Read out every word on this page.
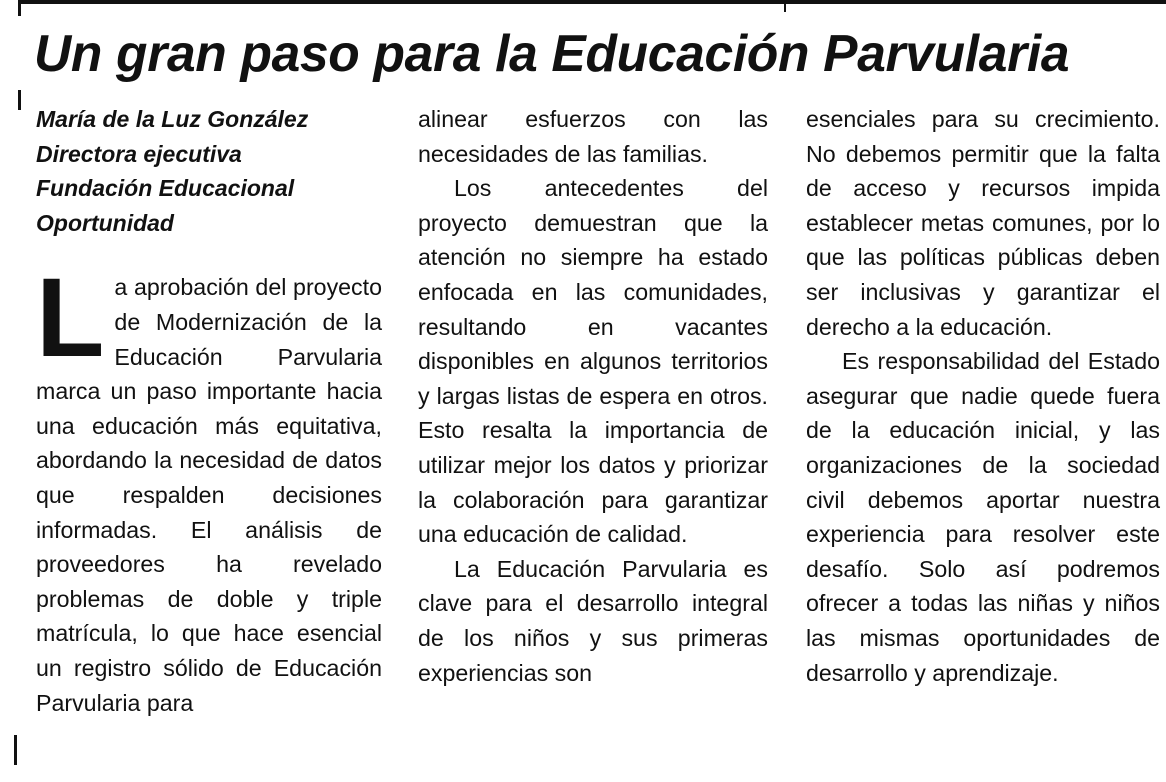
Un gran paso para la Educación Parvularia
María de la Luz González
Directora ejecutiva
Fundación Educacional
Oportunidad

La aprobación del proyecto de Modernización de la Educación Parvularia marca un paso importante hacia una educación más equitativa, abordando la necesidad de datos que respalden decisiones informadas. El análisis de proveedores ha revelado problemas de doble y triple matrícula, lo que hace esencial un registro sólido de Educación Parvularia para

alinear esfuerzos con las necesidades de las familias.

Los antecedentes del proyecto demuestran que la atención no siempre ha estado enfocada en las comunidades, resultando en vacantes disponibles en algunos territorios y largas listas de espera en otros. Esto resalta la importancia de utilizar mejor los datos y priorizar la colaboración para garantizar una educación de calidad.

La Educación Parvularia es clave para el desarrollo integral de los niños y sus primeras experiencias son

esenciales para su crecimiento. No debemos permitir que la falta de acceso y recursos impida establecer metas comunes, por lo que las políticas públicas deben ser inclusivas y garantizar el derecho a la educación.

Es responsabilidad del Estado asegurar que nadie quede fuera de la educación inicial, y las organizaciones de la sociedad civil debemos aportar nuestra experiencia para resolver este desafío. Solo así podremos ofrecer a todas las niñas y niños las mismas oportunidades de desarrollo y aprendizaje.
